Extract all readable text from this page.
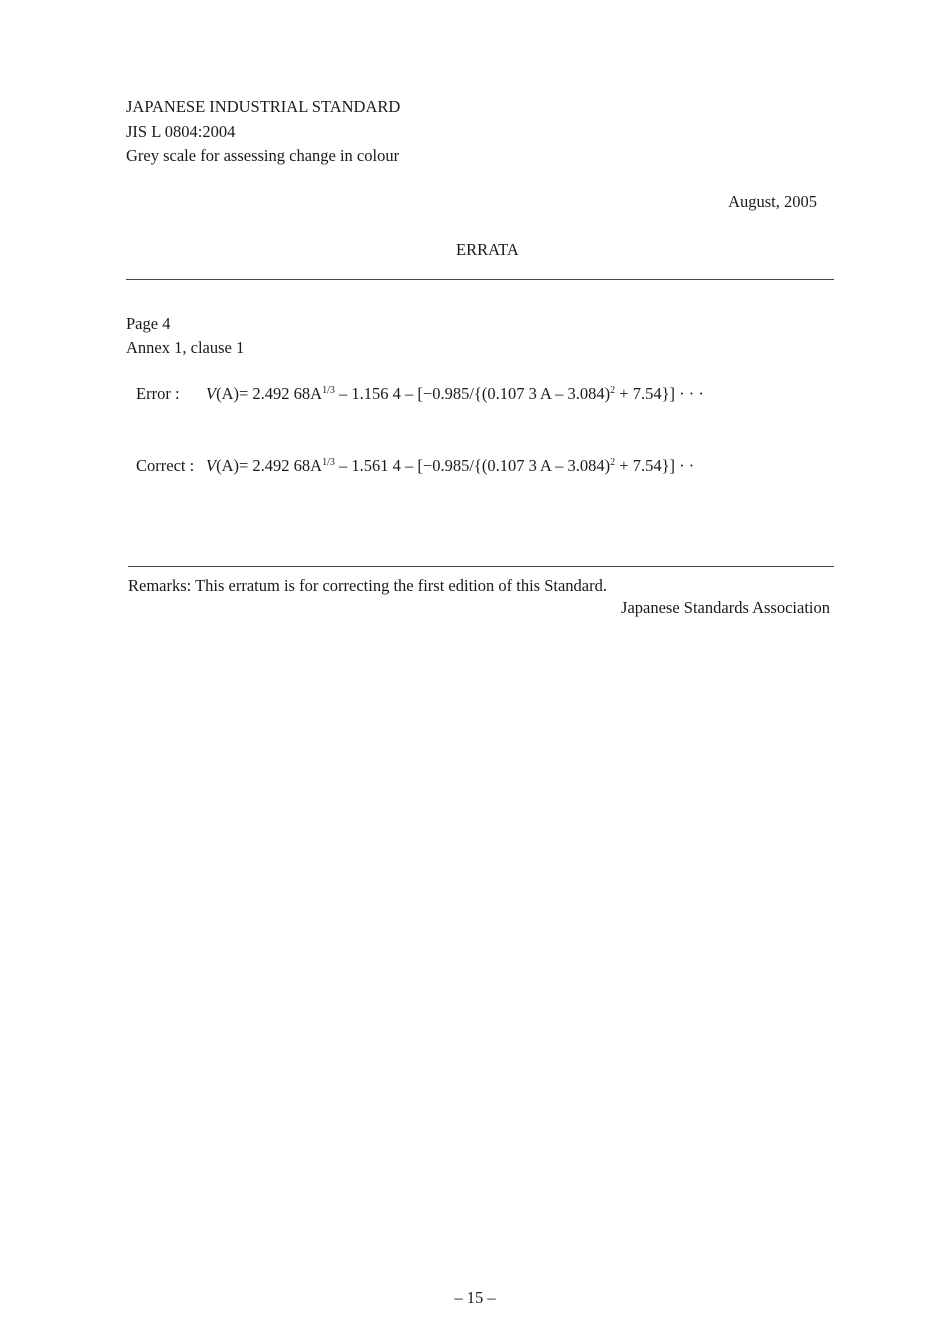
JAPANESE INDUSTRIAL STANDARD
JIS L 0804:2004
Grey scale for assessing change in colour
August, 2005
ERRATA
Page 4
Annex 1, clause 1
Error : V(A)= 2.492 $68A^{1/3} - 1.156$ 4 – [−0.985/{(0.107 3 A – 3.084)$^2$ + 7.54}] · · ·
Correct : V(A)= 2.492 $68A^{1/3} - 1.561$ 4 – [−0.985/{(0.107 3 A – 3.084)$^2$ + 7.54}] · ·
Remarks: This erratum is for correcting the first edition of this Standard.
Japanese Standards Association
– 15 –
